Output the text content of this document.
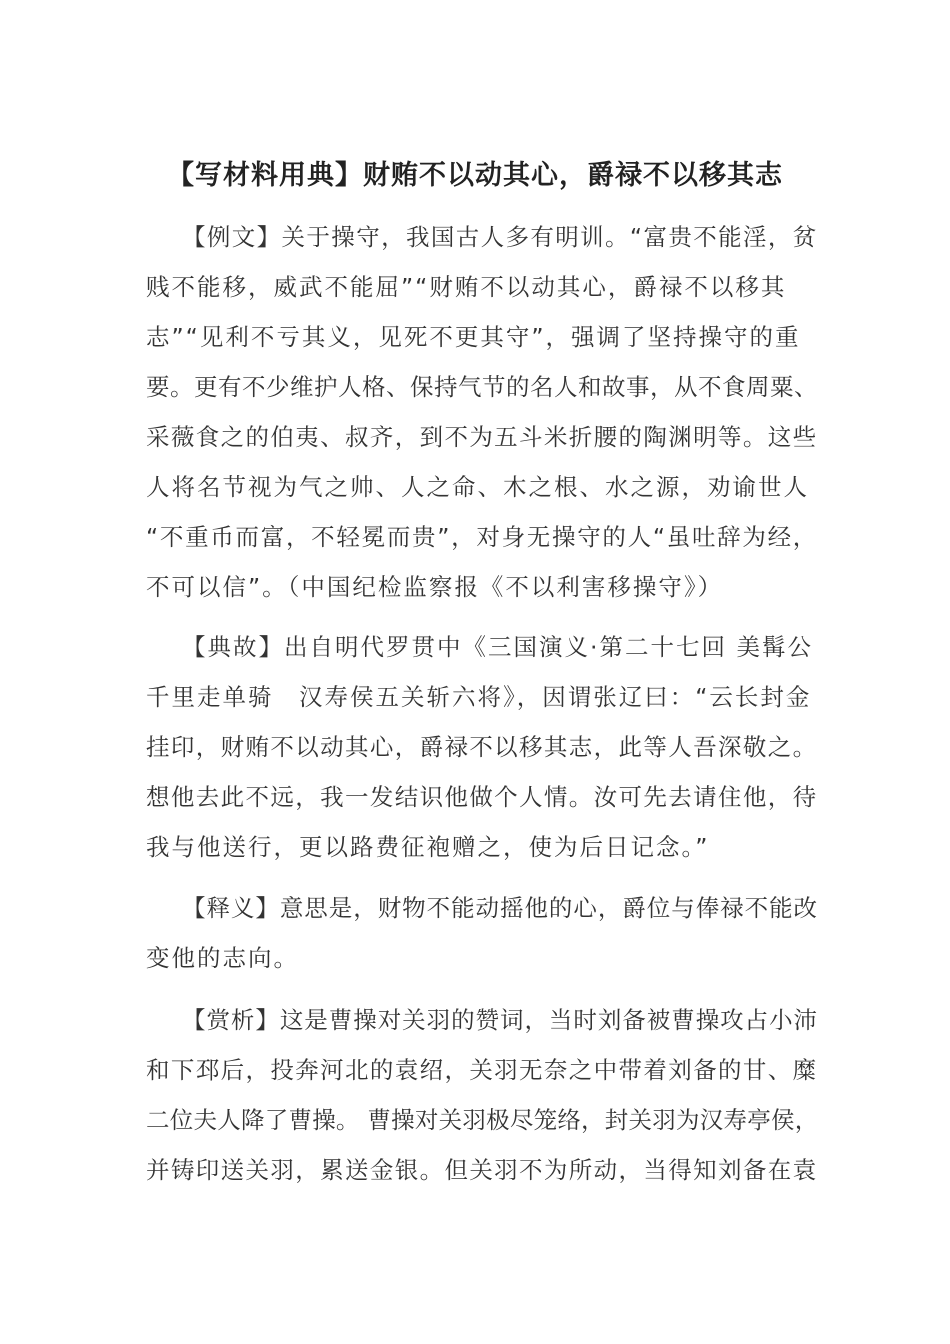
【写材料用典】财贿不以动其心，爵禄不以移其志
【例文】关于操守，我国古人多有明训。“富贵不能淫，贫
贱不能移，威武不能屈”“财贿不以动其心，爵禄不以移其
志”“见利不亏其义，见死不更其守”，强调了坚持操守的重
要。更有不少维护人格、保持气节的名人和故事，从不食周粟、
采薇食之的伯夷、叔齐，到不为五斗米折腰的陶渊明等。这些
人将名节视为气之帅、人之命、木之根、水之源，劝谕世人
“不重币而富，不轻冕而贵”，对身无操守的人“虽吐辞为经，
不可以信”。（中国纪检监察报《不以利害移操守》）
【典故】出自明代罗贯中《三国演义·第二十七回 美髯公
千里走单骑　汉寿侯五关斩六将》，因谓张辽曰：“云长封金
挂印，财贿不以动其心，爵禄不以移其志，此等人吾深敬之。
想他去此不远，我一发结识他做个人情。汝可先去请住他，待
我与他送行，更以路费征袍赠之，使为后日记念。”
【释义】意思是，财物不能动摇他的心，爵位与俸禄不能改
变他的志向。
【赏析】这是曹操对关羽的赞词，当时刘备被曹操攻占小沛
和下邳后，投奔河北的袁绍，关羽无奈之中带着刘备的甘、糜
二位夫人降了曹操。 曹操对关羽极尽笼络，封关羽为汉寿亭侯，
并铸印送关羽，累送金银。但关羽不为所动，当得知刘备在袁
